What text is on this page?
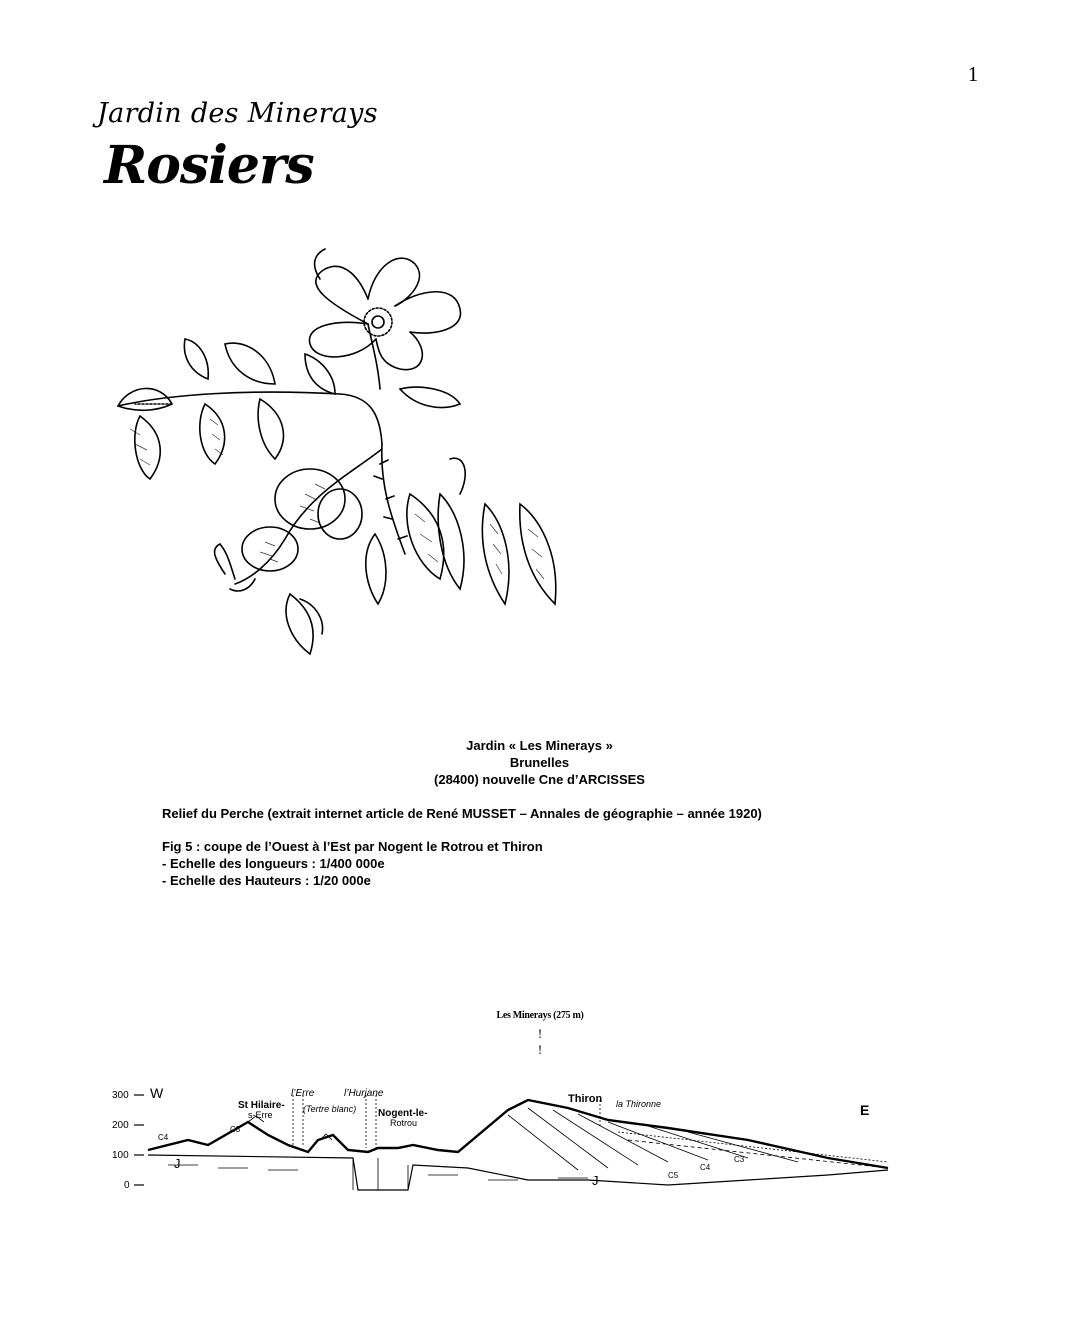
1
Jardin des Minerays
Rosiers
Jardin « Les Minerays »
Brunelles
(28400) nouvelle Cne d’ARCISSES
Relief du Perche (extrait internet article de René MUSSET – Annales de géographie – année 1920)
Fig 5 : coupe de l’Ouest à l’Est par Nogent le Rotrou et Thiron
- Echelle des longueurs : 1/400 000e
- Echelle des Hauteurs : 1/20 000e
Les Minerays (275 m)
!
!
300
200
100
0
W
E
St Hilaire-
s-Erre
l’Erre
(Tertre blanc)
l’Hurjane
Nogent-le-
Rotrou
Thiron la Thironne
J
J
C4
C3
C5
C4
C3
